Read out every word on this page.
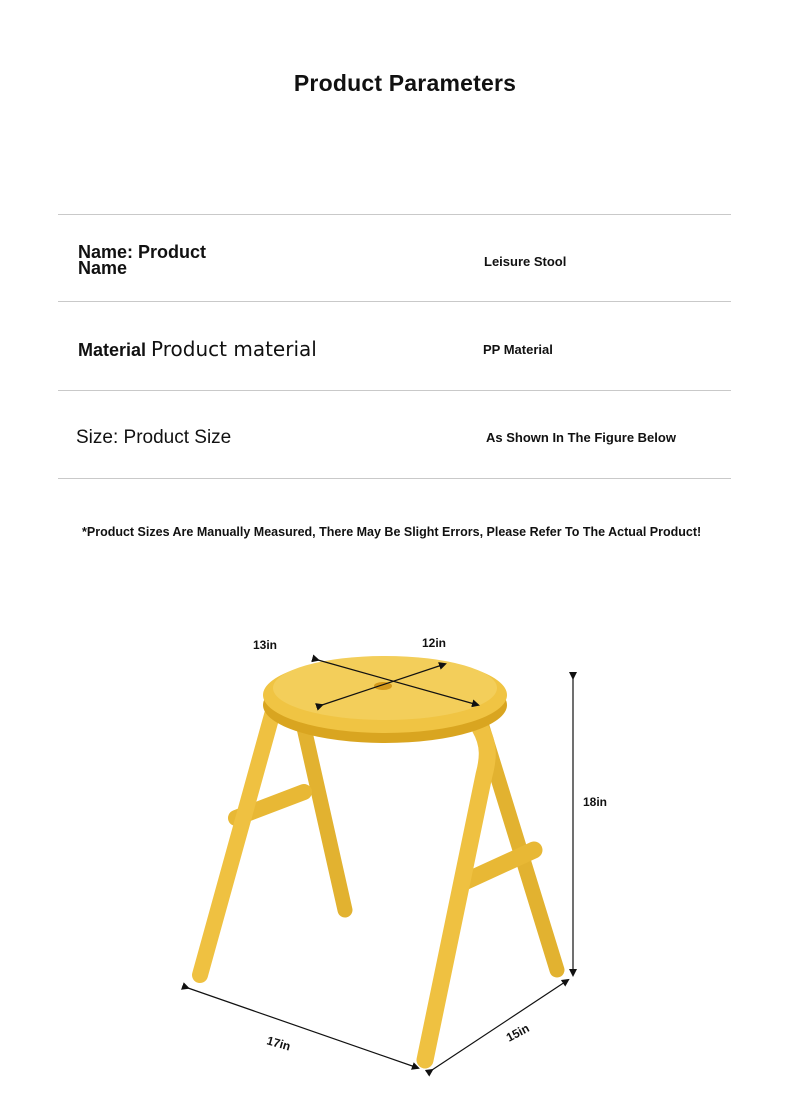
Product Parameters
Name: Product Name	Leisure Stool
Material Product material	PP Material
Size: Product Size	As Shown In The Figure Below
*Product Sizes Are Manually Measured, There May Be Slight Errors, Please Refer To The Actual Product!
13in	12in
18in
17in	15in
